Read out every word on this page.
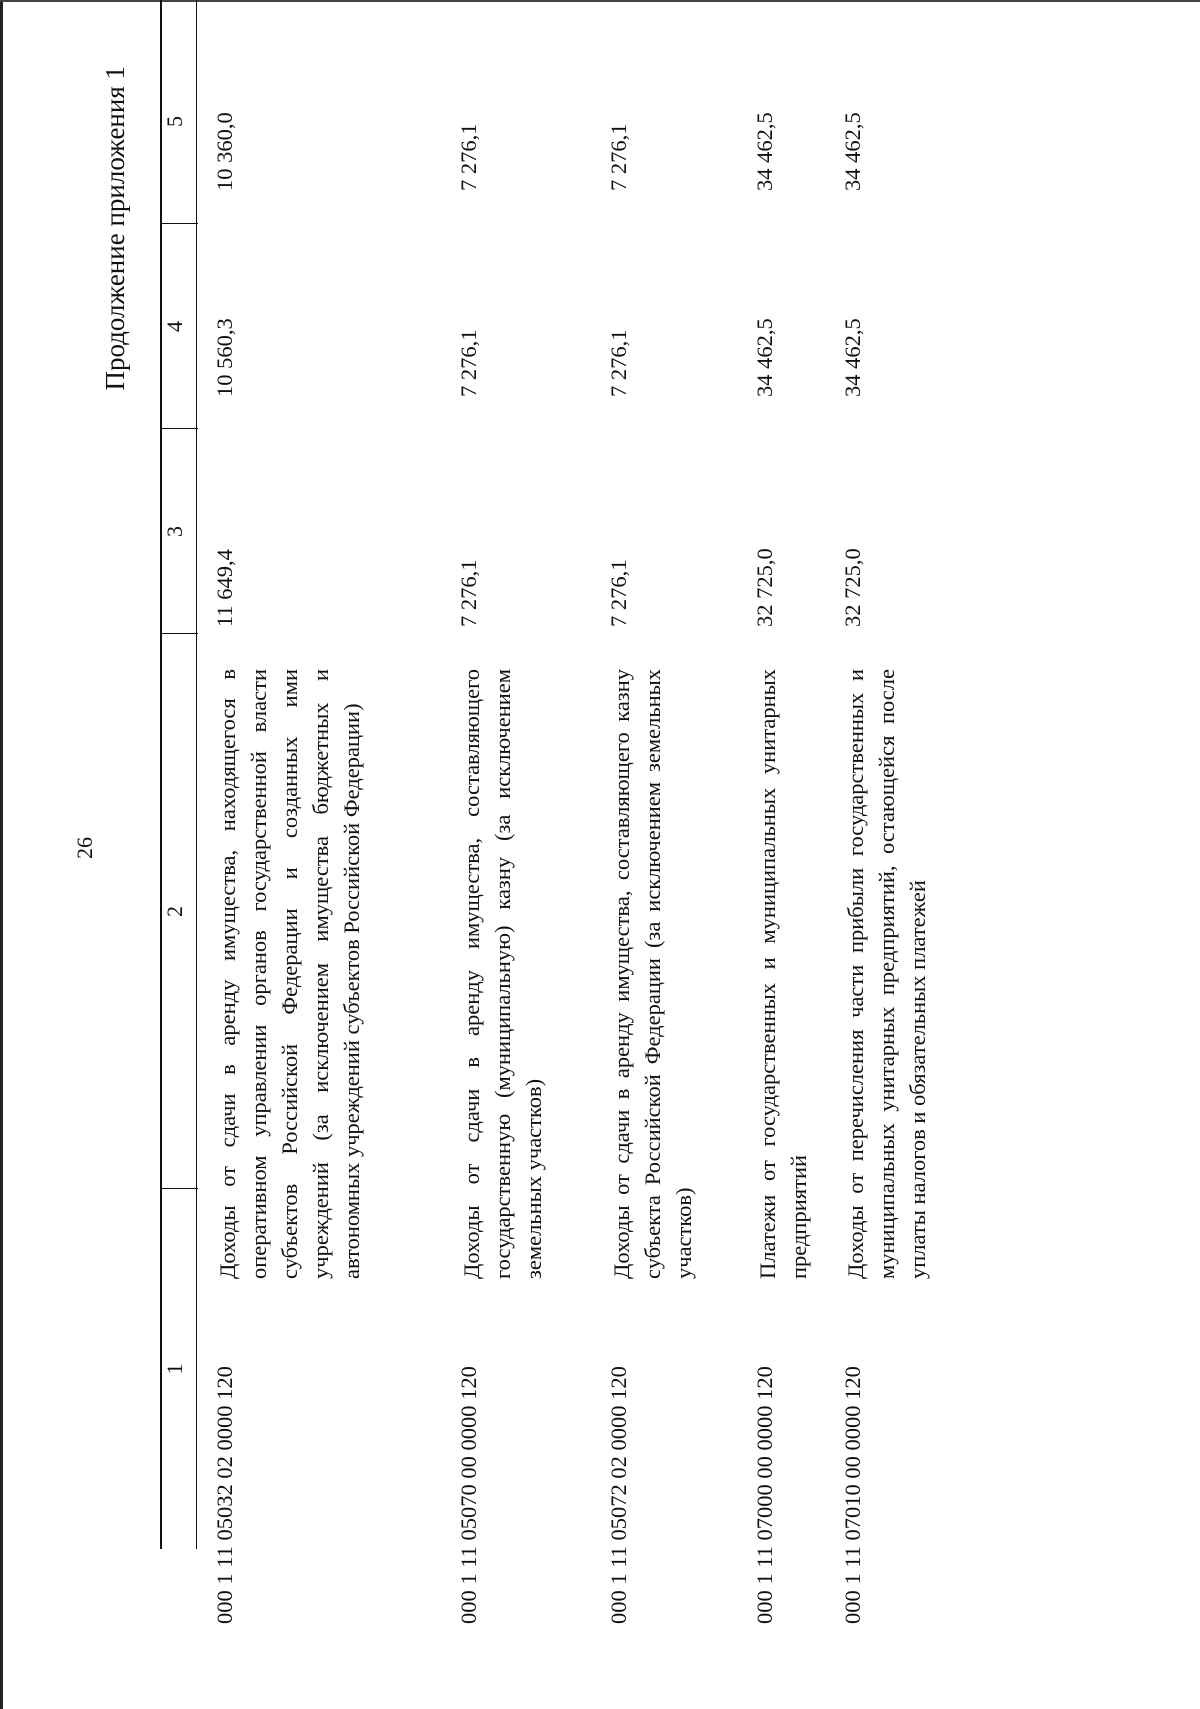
26
Продолжение приложения 1
1
2
3
4
5
000 1 11 05032 02 0000 120
Доходы от сдачи в аренду имущества, находящегося в оперативном управлении органов государственной власти субъектов Российской Федерации и созданных ими учреждений (за исключением имущества бюджетных и автономных учреждений субъектов Российской Федерации)
11 649,4
10 560,3
10 360,0
000 1 11 05070 00 0000 120
Доходы от сдачи в аренду имущества, составляющего государственную (муниципальную) казну (за исключением земельных участков)
7 276,1
7 276,1
7 276,1
000 1 11 05072 02 0000 120
Доходы от сдачи в аренду имущества, составляющего казну субъекта Российской Федерации (за исключением земельных участков)
7 276,1
7 276,1
7 276,1
000 1 11 07000 00 0000 120
Платежи от государственных и муниципальных унитарных предприятий
32 725,0
34 462,5
34 462,5
000 1 11 07010 00 0000 120
Доходы от перечисления части прибыли государственных и муниципальных унитарных предприятий, остающейся после уплаты налогов и обязательных платежей
32 725,0
34 462,5
34 462,5
